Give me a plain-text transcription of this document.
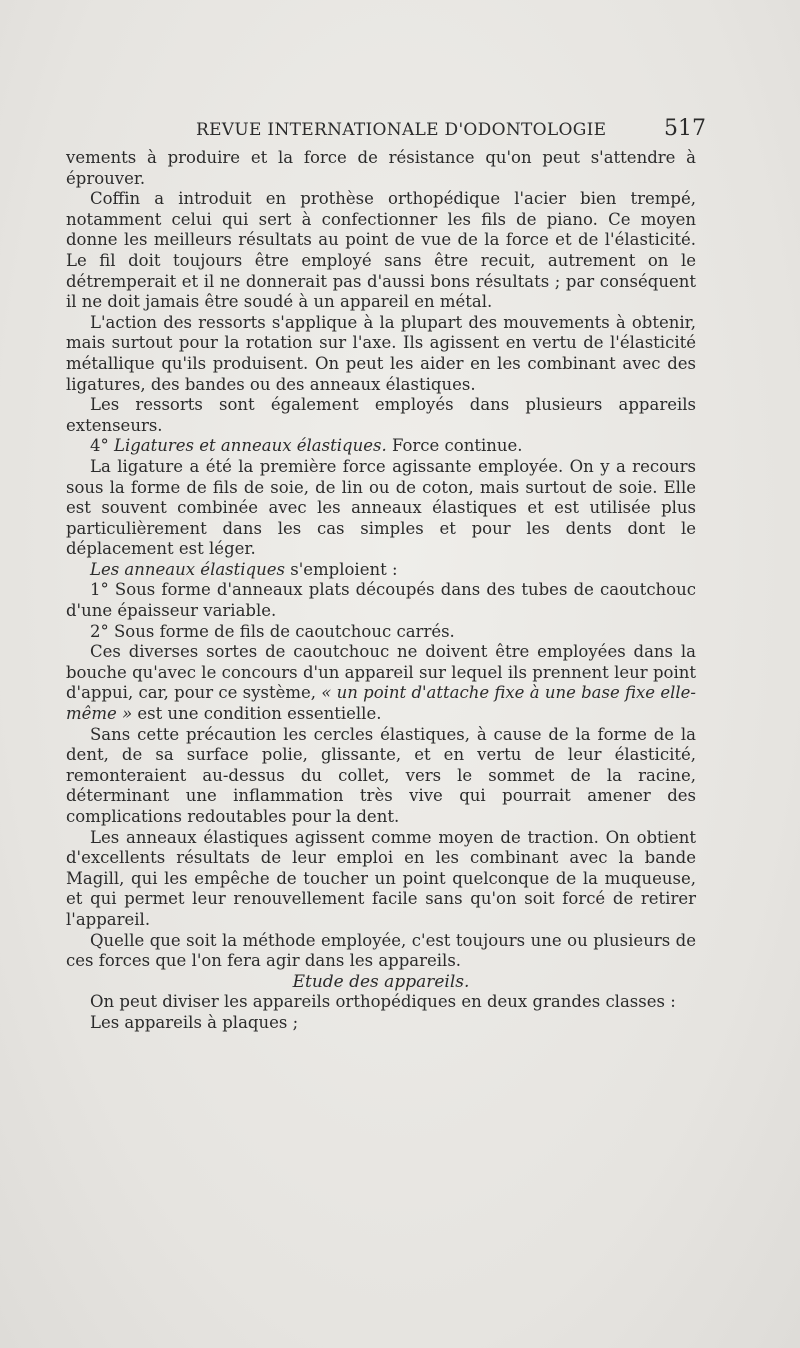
REVUE INTERNATIONALE D'ODONTOLOGIE	517

vements à produire et la force de résistance qu'on peut s'attendre à éprouver.

Coffin a introduit en prothèse orthopédique l'acier bien trempé, notamment celui qui sert à confectionner les fils de piano. Ce moyen donne les meilleurs résultats au point de vue de la force et de l'élasticité. Le fil doit toujours être employé sans être recuit, autrement on le détremperait et il ne donnerait pas d'aussi bons résultats ; par conséquent il ne doit jamais être soudé à un appareil en métal.

L'action des ressorts s'applique à la plupart des mouvements à obtenir, mais surtout pour la rotation sur l'axe. Ils agissent en vertu de l'élasticité métallique qu'ils produisent. On peut les aider en les combinant avec des ligatures, des bandes ou des anneaux élastiques.

Les ressorts sont également employés dans plusieurs appareils extenseurs.

4° Ligatures et anneaux élastiques. Force continue.

La ligature a été la première force agissante employée. On y a recours sous la forme de fils de soie, de lin ou de coton, mais surtout de soie. Elle est souvent combinée avec les anneaux élastiques et est utilisée plus particulièrement dans les cas simples et pour les dents dont le déplacement est léger.

Les anneaux élastiques s'emploient :

1° Sous forme d'anneaux plats découpés dans des tubes de caoutchouc d'une épaisseur variable.

2° Sous forme de fils de caoutchouc carrés.

Ces diverses sortes de caoutchouc ne doivent être employées dans la bouche qu'avec le concours d'un appareil sur lequel ils prennent leur point d'appui, car, pour ce système, « un point d'attache fixe à une base fixe elle-même » est une condition essentielle.

Sans cette précaution les cercles élastiques, à cause de la forme de la dent, de sa surface polie, glissante, et en vertu de leur élasticité, remonteraient au-dessus du collet, vers le sommet de la racine, déterminant une inflammation très vive qui pourrait amener des complications redoutables pour la dent.

Les anneaux élastiques agissent comme moyen de traction. On obtient d'excellents résultats de leur emploi en les combinant avec la bande Magill, qui les empêche de toucher un point quelconque de la muqueuse, et qui permet leur renouvellement facile sans qu'on soit forcé de retirer l'appareil.

Quelle que soit la méthode employée, c'est toujours une ou plusieurs de ces forces que l'on fera agir dans les appareils.

Etude des appareils.

On peut diviser les appareils orthopédiques en deux grandes classes :

Les appareils à plaques ;
